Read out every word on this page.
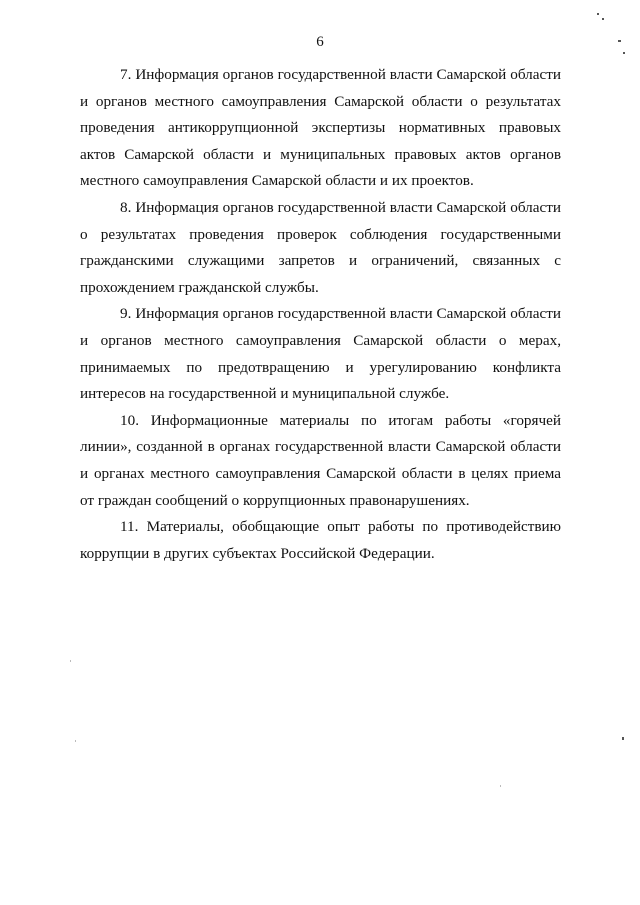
6

7. Информация органов государственной власти Самарской области и органов местного самоуправления Самарской области о результатах проведения антикоррупционной экспертизы нормативных правовых актов Самарской области и муниципальных правовых актов органов местного самоуправления Самарской области и их проектов.

8. Информация органов государственной власти Самарской области о результатах проведения проверок соблюдения государственными гражданскими служащими запретов и ограничений, связанных с прохождением гражданской службы.

9. Информация органов государственной власти Самарской области и органов местного самоуправления Самарской области о мерах, принимаемых по предотвращению и урегулированию конфликта интересов на государственной и муниципальной службе.

10. Информационные материалы по итогам работы «горячей линии», созданной в органах государственной власти Самарской области и органах местного самоуправления Самарской области в целях приема от граждан сообщений о коррупционных правонарушениях.

11. Материалы, обобщающие опыт работы по противодействию коррупции в других субъектах Российской Федерации.
